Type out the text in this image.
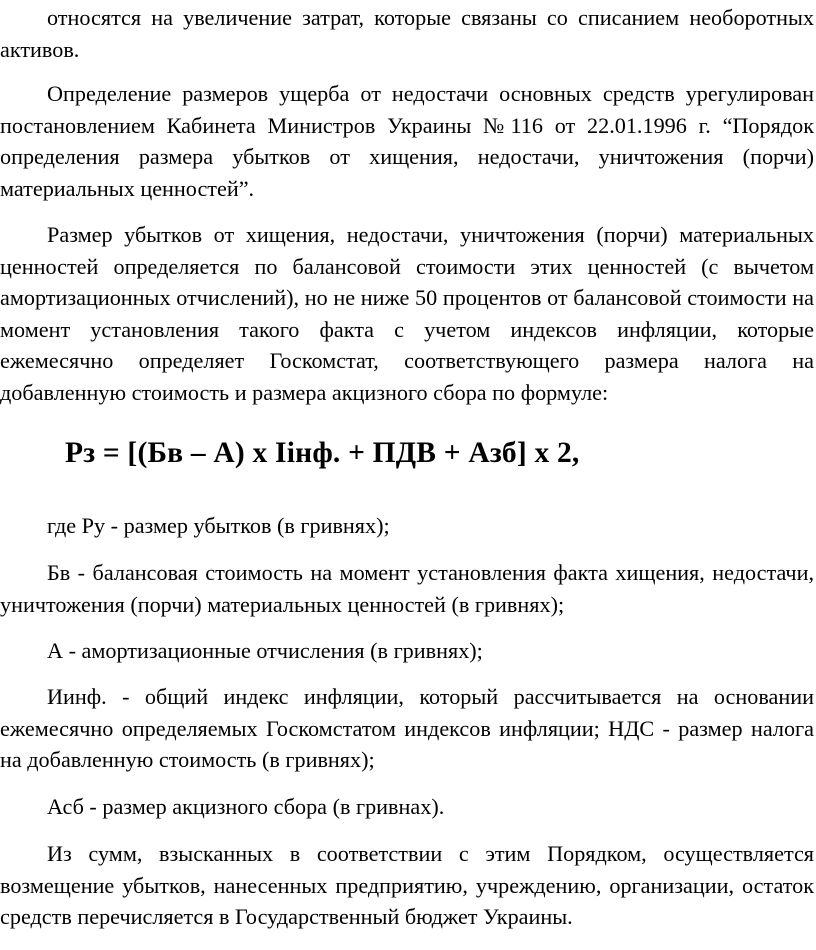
относятся на увеличение затрат, которые связаны со списанием необоротных активов.

Определение размеров ущерба от недостачи основных средств урегулирован постановлением Кабинета Министров Украины №116 от 22.01.1996 г. “Порядок определения размера убытков от хищения, недостачи, уничтожения (порчи) материальных ценностей”.

Размер убытков от хищения, недостачи, уничтожения (порчи) материальных ценностей определяется по балансовой стоимости этих ценностей (с вычетом амортизационных отчислений), но не ниже 50 процентов от балансовой стоимости на момент установления такого факта с учетом индексов инфляции, которые ежемесячно определяет Госкомстат, соответствующего размера налога на добавленную стоимость и размера акцизного сбора по формуле:

Рз = [(Бв – А) х Іінф. + ПДВ + Азб] х 2,

где Ру - размер убытков (в гривнях);

Бв - балансовая стоимость на момент установления факта хищения, недостачи, уничтожения (порчи) материальных ценностей (в гривнях);

А - амортизационные отчисления (в гривнях);

Иинф. - общий индекс инфляции, который рассчитывается на основании ежемесячно определяемых Госкомстатом индексов инфляции; НДС - размер налога на добавленную стоимость (в гривнях);

Асб - размер акцизного сбора (в гривнах).

Из сумм, взысканных в соответствии с этим Порядком, осуществляется возмещение убытков, нанесенных предприятию, учреждению, организации, остаток средств перечисляется в Государственный бюджет Украины.
